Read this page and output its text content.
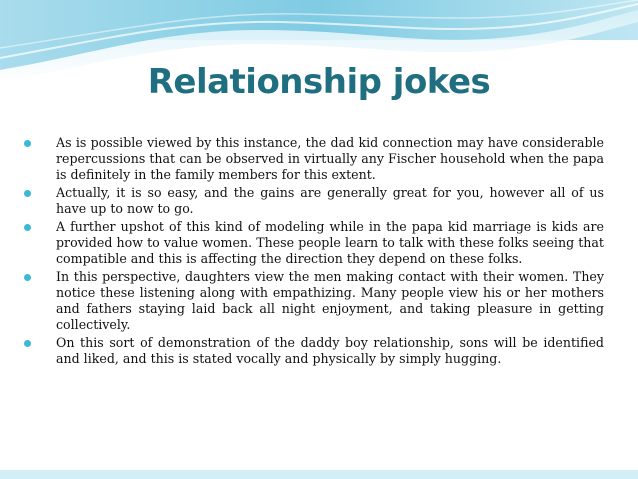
Relationship jokes
As is possible viewed by this instance, the dad kid connection may have considerable repercussions that can be observed in virtually any Fischer household when the papa is definitely in the family members for this extent.
Actually, it is so easy, and the gains are generally great for you, however all of us have up to now to go.
A further upshot of this kind of modeling while in the papa kid marriage is kids are provided how to value women. These people learn to talk with these folks seeing that compatible and this is affecting the direction they depend on these folks.
In this perspective, daughters view the men making contact with their women. They notice these listening along with empathizing. Many people view his or her mothers and fathers staying laid back all night enjoyment, and taking pleasure in getting collectively.
On this sort of demonstration of the daddy boy relationship, sons will be identified and liked, and this is stated vocally and physically by simply hugging.
